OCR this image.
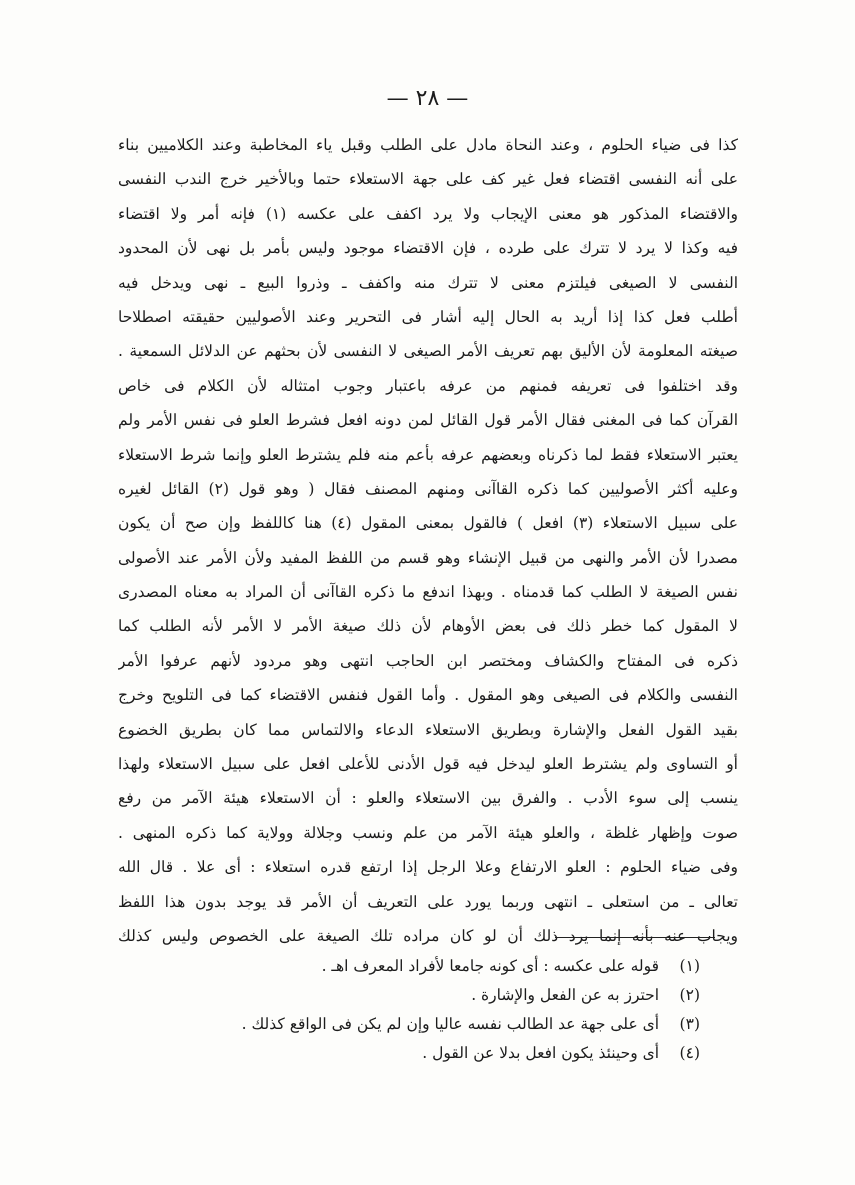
— ٢٨ —
كذا فى ضياء الحلوم ، وعند النحاة مادل على الطلب وقبل ياء المخاطبة وعند الكلاميين بناء
على أنه النفسى اقتضاء فعل غير كف على جهة الاستعلاء حتما وبالأخير خرج الندب النفسى
والاقتضاء المذكور هو معنى الإيجاب ولا يرد اكفف على عكسه (١) فإنه أمر ولا اقتضاء
فيه وكذا لا يرد لا تترك على طرده ، فإن الاقتضاء موجود وليس بأمر بل نهى لأن المحدود
النفسى لا الصيغى فيلتزم معنى لا تترك منه واكفف ـ وذروا البيع ـ نهى ويدخل فيه
أطلب فعل كذا إذا أريد به الحال إليه أشار فى التحرير وعند الأصوليين حقيقته اصطلاحا
صيغته المعلومة لأن الأليق بهم تعريف الأمر الصيغى لا النفسى لأن بحثهم عن الدلائل السمعية .
وقد اختلفوا فى تعريفه فمنهم من عرفه باعتبار وجوب امتثاله لأن الكلام فى خاص
القرآن كما فى المغنى فقال الأمر قول القائل لمن دونه افعل فشرط العلو فى نفس الأمر ولم
يعتبر الاستعلاء فقط لما ذكرناه وبعضهم عرفه بأعم منه فلم يشترط العلو وإنما شرط الاستعلاء
وعليه أكثر الأصوليين كما ذكره القاآنى ومنهم المصنف فقال ( وهو قول (٢) القائل لغيره
على سبيل الاستعلاء (٣) افعل ) فالقول بمعنى المقول (٤) هنا كاللفظ وإن صح أن يكون
مصدرا لأن الأمر والنهى من قبيل الإنشاء وهو قسم من اللفظ المفيد ولأن الأمر عند الأصولى
نفس الصيغة لا الطلب كما قدمناه . وبهذا اندفع ما ذكره القاآنى أن المراد به معناه المصدرى
لا المقول كما خطر ذلك فى بعض الأوهام لأن ذلك صيغة الأمر لا الأمر لأنه الطلب كما
ذكره فى المفتاح والكشاف ومختصر ابن الحاجب انتهى وهو مردود لأنهم عرفوا الأمر
النفسى والكلام فى الصيغى وهو المقول . وأما القول فنفس الاقتضاء كما فى التلويح وخرج
بقيد القول الفعل والإشارة وبطريق الاستعلاء الدعاء والالتماس مما كان بطريق الخضوع
أو التساوى ولم يشترط العلو ليدخل فيه قول الأدنى للأعلى افعل على سبيل الاستعلاء ولهذا
ينسب إلى سوء الأدب . والفرق بين الاستعلاء والعلو : أن الاستعلاء هيئة الآمر من رفع
صوت وإظهار غلظة ، والعلو هيئة الآمر من علم ونسب وجلالة وولاية كما ذكره المنهى .
وفى ضياء الحلوم : العلو الارتفاع وعلا الرجل إذا ارتفع قدره استعلاء : أى علا . قال الله
تعالى ـ من استعلى ـ انتهى وربما يورد على التعريف أن الأمر قد يوجد بدون هذا اللفظ
ويجاب عنه بأنه إنما يرد ذلك أن لو كان مراده تلك الصيغة على الخصوص وليس كذلك
(١) قوله على عكسه : أى كونه جامعا لأفراد المعرف اهـ .
(٢) احترز به عن الفعل والإشارة .
(٣) أى على جهة عد الطالب نفسه عاليا وإن لم يكن فى الواقع كذلك .
(٤) أى وحينئذ يكون افعل بدلا عن القول .
